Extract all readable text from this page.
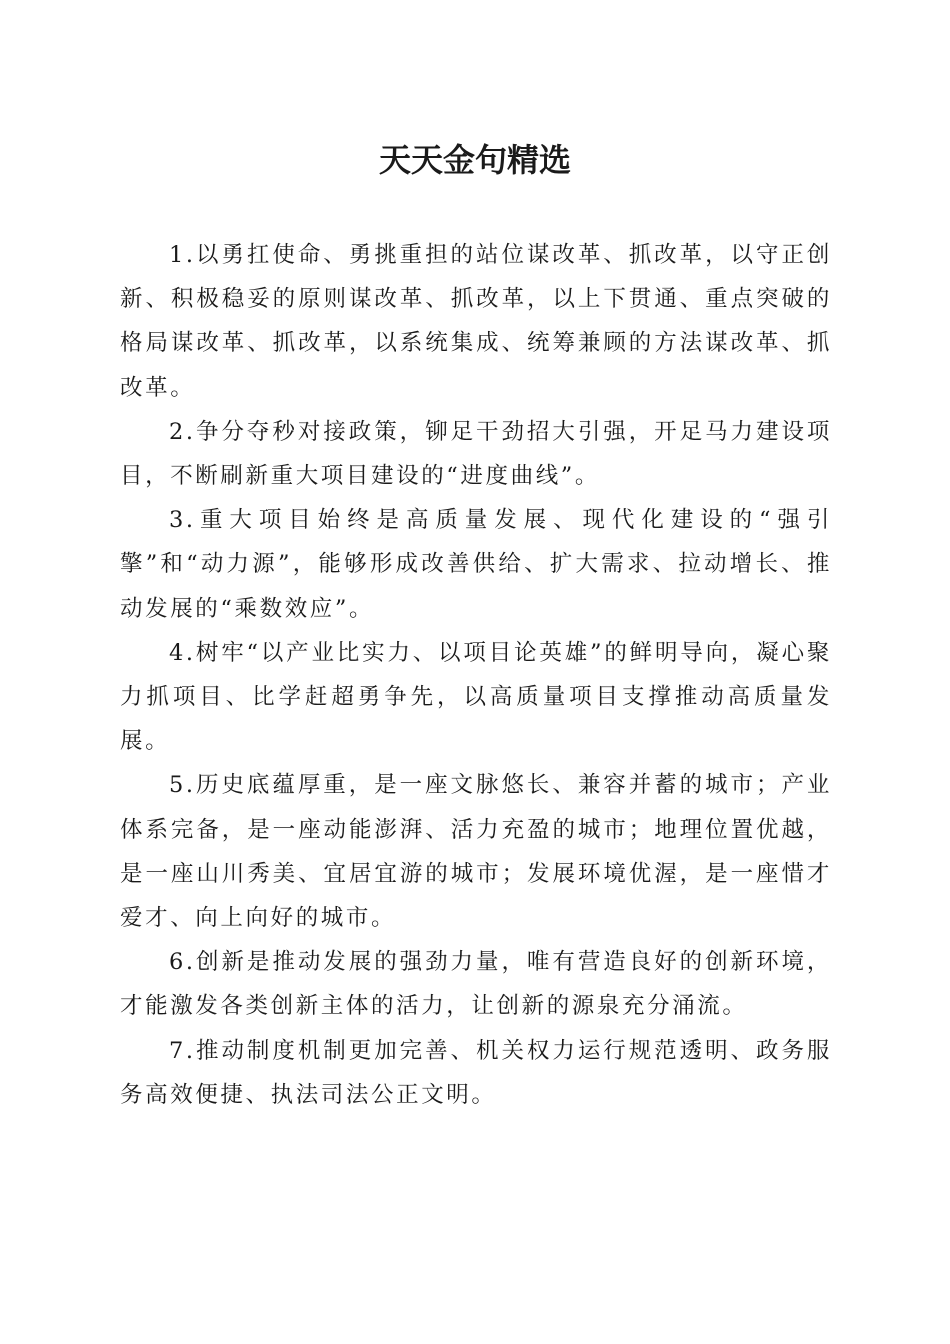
天天金句精选

1.以勇扛使命、勇挑重担的站位谋改革、抓改革，以守正创新、积极稳妥的原则谋改革、抓改革，以上下贯通、重点突破的格局谋改革、抓改革，以系统集成、统筹兼顾的方法谋改革、抓改革。

2.争分夺秒对接政策，铆足干劲招大引强，开足马力建设项目，不断刷新重大项目建设的“进度曲线”。

3.重大项目始终是高质量发展、现代化建设的“强引擎”和“动力源”，能够形成改善供给、扩大需求、拉动增长、推动发展的“乘数效应”。

4.树牢“以产业比实力、以项目论英雄”的鲜明导向，凝心聚力抓项目、比学赶超勇争先，以高质量项目支撑推动高质量发展。

5.历史底蕴厚重，是一座文脉悠长、兼容并蓄的城市；产业体系完备，是一座动能澎湃、活力充盈的城市；地理位置优越，是一座山川秀美、宜居宜游的城市；发展环境优渥，是一座惜才爱才、向上向好的城市。

6.创新是推动发展的强劲力量，唯有营造良好的创新环境，才能激发各类创新主体的活力，让创新的源泉充分涌流。

7.推动制度机制更加完善、机关权力运行规范透明、政务服务高效便捷、执法司法公正文明。
